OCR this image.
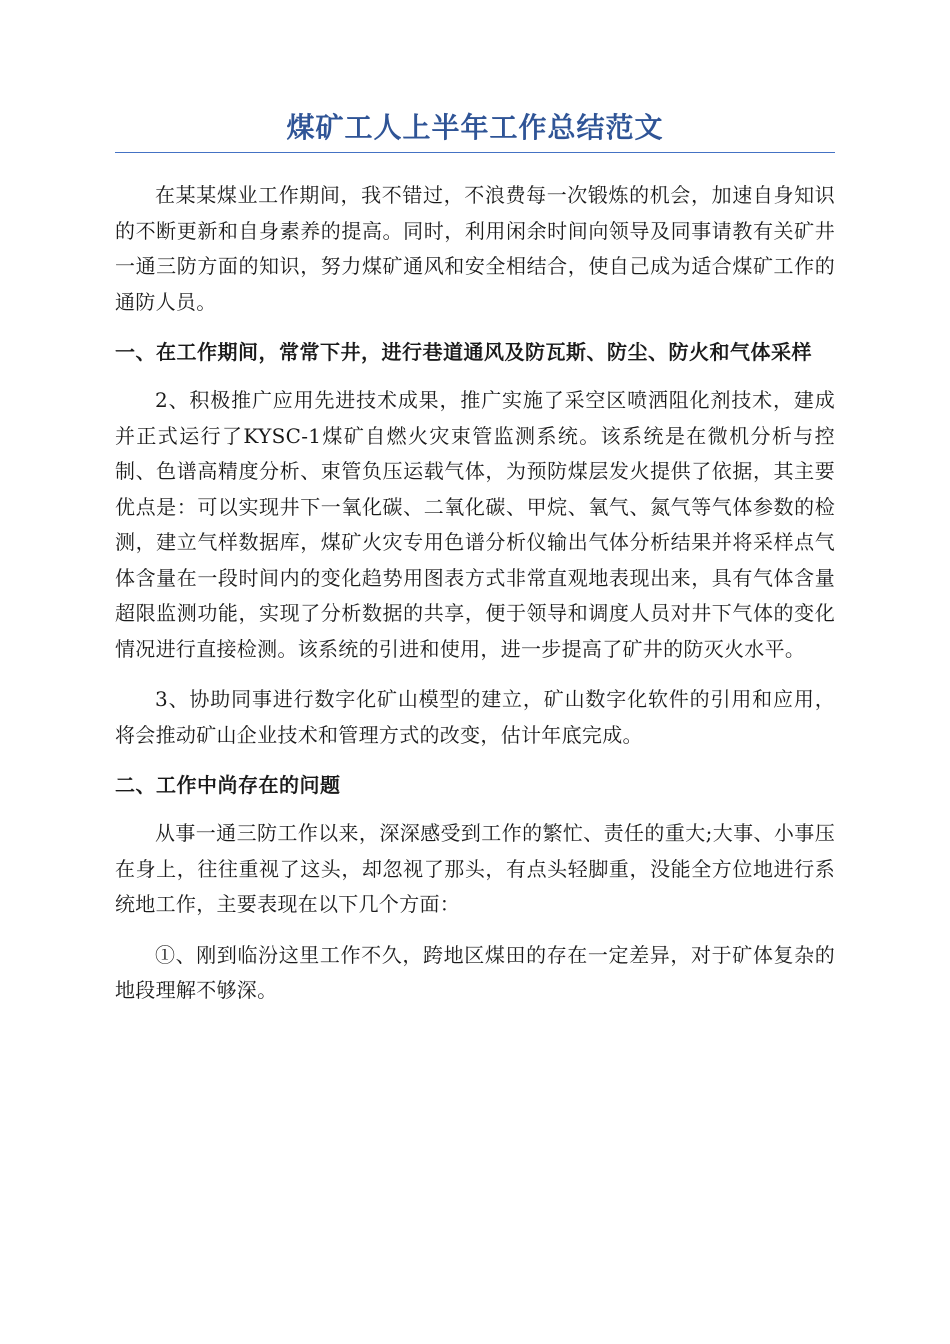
煤矿工人上半年工作总结范文

在某某煤业工作期间，我不错过，不浪费每一次锻炼的机会，加速自身知识的不断更新和自身素养的提高。同时，利用闲余时间向领导及同事请教有关矿井一通三防方面的知识，努力煤矿通风和安全相结合，使自己成为适合煤矿工作的通防人员。

一、在工作期间，常常下井，进行巷道通风及防瓦斯、防尘、防火和气体采样

2、积极推广应用先进技术成果，推广实施了采空区喷洒阻化剂技术，建成并正式运行了KYSC-1煤矿自燃火灾束管监测系统。该系统是在微机分析与控制、色谱高精度分析、束管负压运载气体，为预防煤层发火提供了依据，其主要优点是：可以实现井下一氧化碳、二氧化碳、甲烷、氧气、氮气等气体参数的检测，建立气样数据库，煤矿火灾专用色谱分析仪输出气体分析结果并将采样点气体含量在一段时间内的变化趋势用图表方式非常直观地表现出来，具有气体含量超限监测功能，实现了分析数据的共享，便于领导和调度人员对井下气体的变化情况进行直接检测。该系统的引进和使用，进一步提高了矿井的防灭火水平。

3、协助同事进行数字化矿山模型的建立，矿山数字化软件的引用和应用，将会推动矿山企业技术和管理方式的改变，估计年底完成。

二、工作中尚存在的问题

从事一通三防工作以来，深深感受到工作的繁忙、责任的重大;大事、小事压在身上，往往重视了这头，却忽视了那头，有点头轻脚重，没能全方位地进行系统地工作，主要表现在以下几个方面：

①、刚到临汾这里工作不久，跨地区煤田的存在一定差异，对于矿体复杂的地段理解不够深。
